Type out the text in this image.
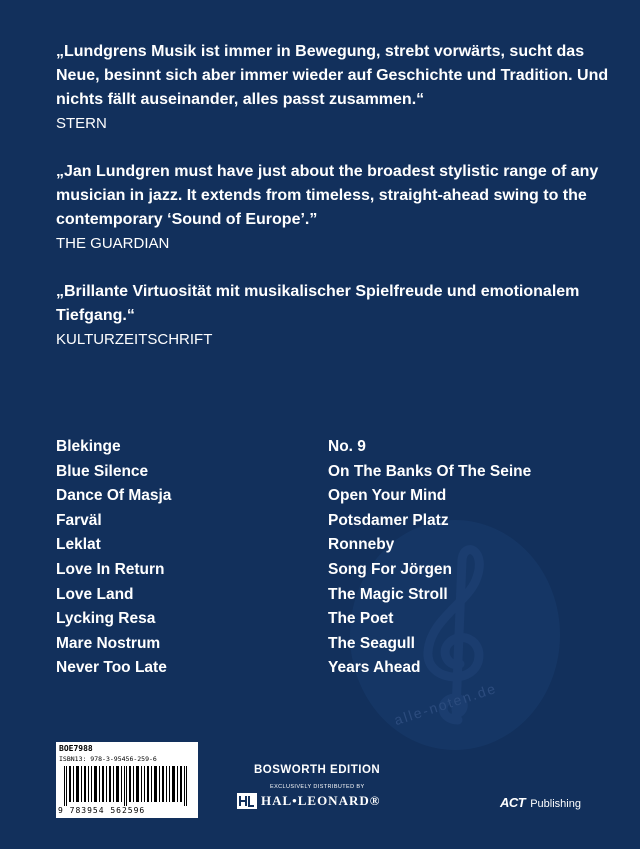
alle-noten.de

„Lundgrens Musik ist immer in Bewegung, strebt vorwärts, sucht das Neue, besinnt sich aber immer wieder auf Geschichte und Tradition. Und nichts fällt auseinander, alles passt zusammen.“

STERN

„Jan Lundgren must have just about the broadest stylistic range of any musician in jazz. It extends from timeless, straight-ahead swing to the contemporary ‘Sound of Europe’.”

THE GUARDIAN

„Brillante Virtuosität mit musikalischer Spielfreude und emotionalem Tiefgang.“

KULTURZEITSCHRIFT

Blekinge
Blue Silence
Dance Of Masja
Farväl
Leklat
Love In Return
Love Land
Lycking Resa
Mare Nostrum
Never Too Late
No. 9
On The Banks Of The Seine
Open Your Mind
Potsdamer Platz
Ronneby
Song For Jörgen
The Magic Stroll
The Poet
The Seagull
Years Ahead
BOE7988
ISBN13: 978-3-95456-259-6
9 783954 562596
BOSWORTH EDITION
EXCLUSIVELY DISTRIBUTED BY
HAL•LEONARD®	ACT Publishing
